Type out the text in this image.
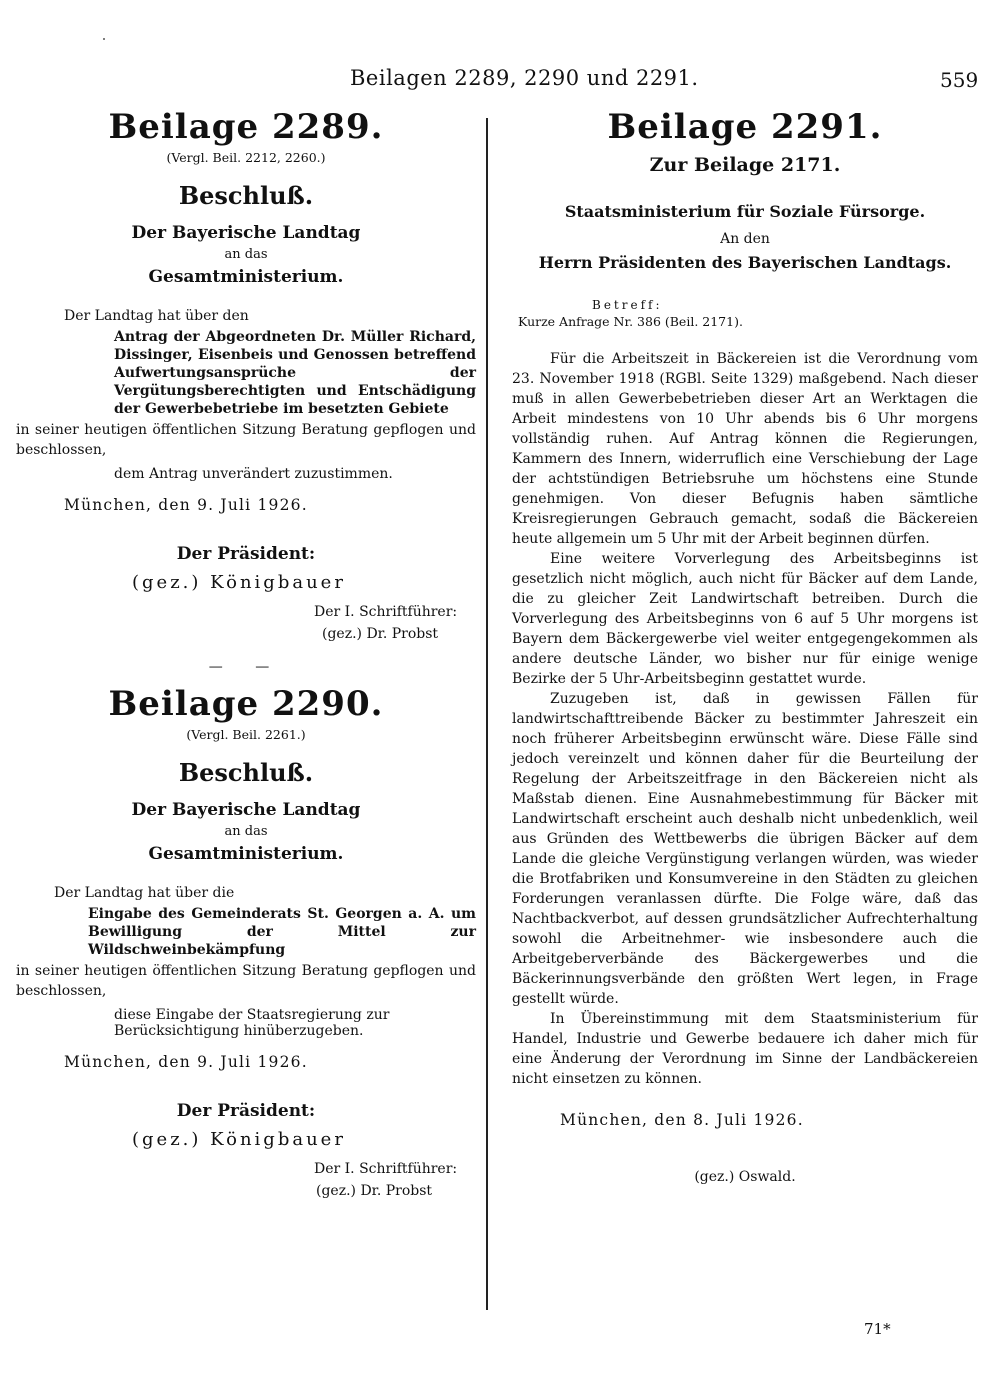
Beilagen 2289, 2290 und 2291.	559
Beilage 2289.

(Vergl. Beil. 2212, 2260.)

Beschluß.

Der Bayerische Landtag

an das

Gesamtministerium.

Der Landtag hat über den

Antrag der Abgeordneten Dr. Müller Richard, Dissinger, Eisenbeis und Genossen betreffend Aufwertungsansprüche der Vergütungsberechtigten und Entschädigung der Gewerbebetriebe im besetzten Gebiete

in seiner heutigen öffentlichen Sitzung Beratung gepflogen und beschlossen,

dem Antrag unverändert zuzustimmen.

München, den 9. Juli 1926.

Der Präsident:

(gez.) Königbauer

Der I. Schriftführer:

(gez.) Dr. Probst

— —

Beilage 2290.

(Vergl. Beil. 2261.)

Beschluß.

Der Bayerische Landtag

an das

Gesamtministerium.

Der Landtag hat über die

Eingabe des Gemeinderats St. Georgen a. A. um Bewilligung der Mittel zur Wildschweinbekämpfung

in seiner heutigen öffentlichen Sitzung Beratung gepflogen und beschlossen,

diese Eingabe der Staatsregierung zur Berücksichtigung hinüberzugeben.

München, den 9. Juli 1926.

Der Präsident:

(gez.) Königbauer

Der I. Schriftführer:

(gez.) Dr. Probst

Beilage 2291.

Zur Beilage 2171.

Staatsministerium für Soziale Fürsorge.

An den

Herrn Präsidenten des Bayerischen Landtags.

Betreff:

Kurze Anfrage Nr. 386 (Beil. 2171).

Für die Arbeitszeit in Bäckereien ist die Verordnung vom 23. November 1918 (RGBl. Seite 1329) maßgebend. Nach dieser muß in allen Gewerbebetrieben dieser Art an Werktagen die Arbeit mindestens von 10 Uhr abends bis 6 Uhr morgens vollständig ruhen. Auf Antrag können die Regierungen, Kammern des Innern, widerruflich eine Verschiebung der Lage der achtstündigen Betriebsruhe um höchstens eine Stunde genehmigen. Von dieser Befugnis haben sämtliche Kreisregierungen Gebrauch gemacht, sodaß die Bäckereien heute allgemein um 5 Uhr mit der Arbeit beginnen dürfen.

Eine weitere Vorverlegung des Arbeitsbeginns ist gesetzlich nicht möglich, auch nicht für Bäcker auf dem Lande, die zu gleicher Zeit Landwirtschaft betreiben. Durch die Vorverlegung des Arbeitsbeginns von 6 auf 5 Uhr morgens ist Bayern dem Bäckergewerbe viel weiter entgegengekommen als andere deutsche Länder, wo bisher nur für einige wenige Bezirke der 5 Uhr-Arbeitsbeginn gestattet wurde.

Zuzugeben ist, daß in gewissen Fällen für landwirtschafttreibende Bäcker zu bestimmter Jahreszeit ein noch früherer Arbeitsbeginn erwünscht wäre. Diese Fälle sind jedoch vereinzelt und können daher für die Beurteilung der Regelung der Arbeitszeitfrage in den Bäckereien nicht als Maßstab dienen. Eine Ausnahmebestimmung für Bäcker mit Landwirtschaft erscheint auch deshalb nicht unbedenklich, weil aus Gründen des Wettbewerbs die übrigen Bäcker auf dem Lande die gleiche Vergünstigung verlangen würden, was wieder die Brotfabriken und Konsumvereine in den Städten zu gleichen Forderungen veranlassen dürfte. Die Folge wäre, daß das Nachtbackverbot, auf dessen grundsätzlicher Aufrechterhaltung sowohl die Arbeitnehmer- wie insbesondere auch die Arbeitgeberverbände des Bäckergewerbes und die Bäckerinnungsverbände den größten Wert legen, in Frage gestellt würde.

In Übereinstimmung mit dem Staatsministerium für Handel, Industrie und Gewerbe bedauere ich daher mich für eine Änderung der Verordnung im Sinne der Landbäckereien nicht einsetzen zu können.

München, den 8. Juli 1926.

(gez.) Oswald.

71*
